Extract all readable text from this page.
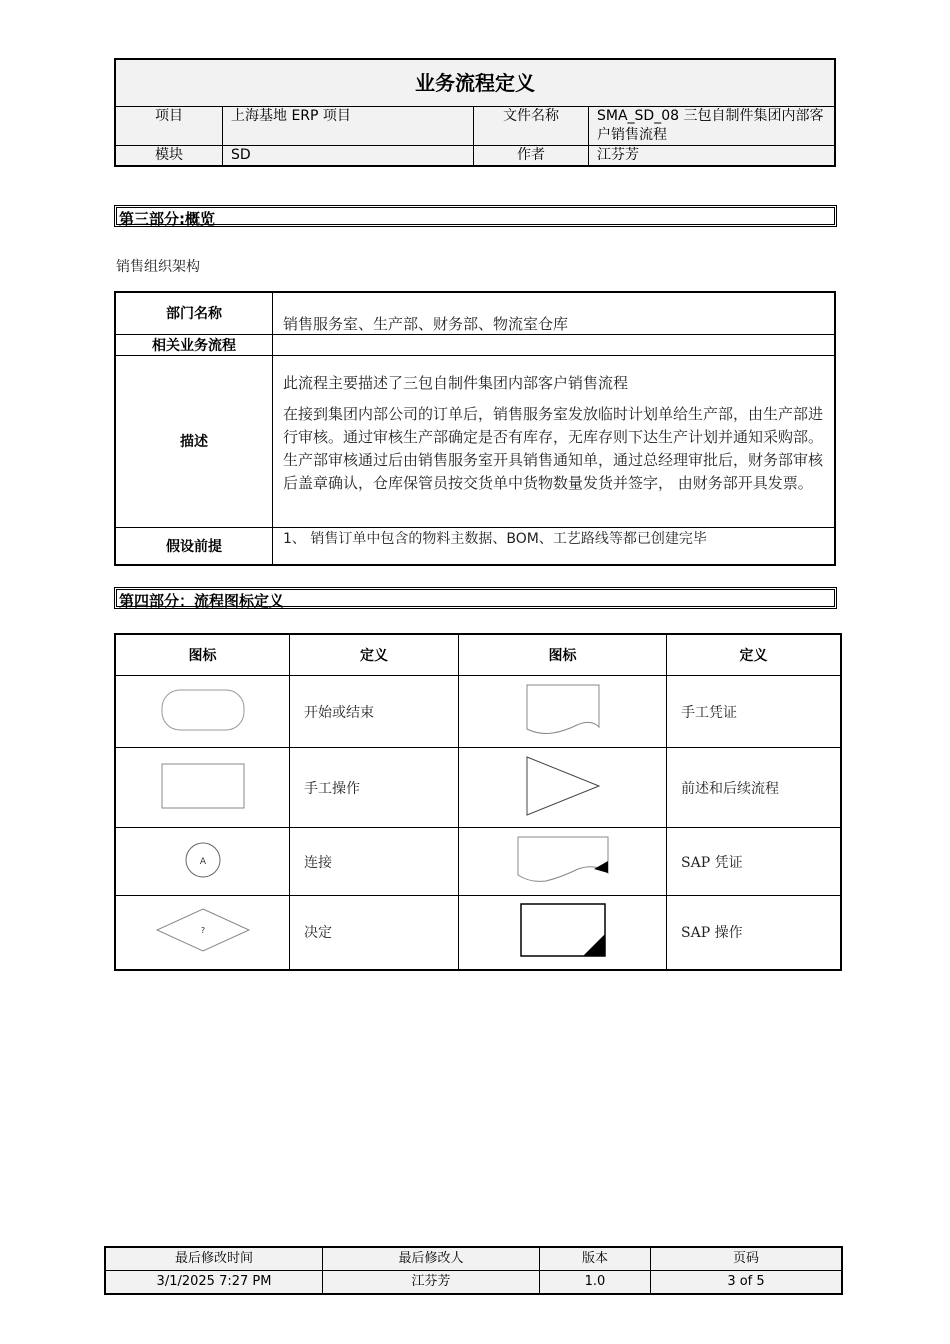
业务流程定义			
项目	上海基地 ERP 项目	文件名称	SMA_SD_08 三包自制件集团内部客户销售流程
模块	SD	作者	江芬芳
第三部分:概览
销售组织架构
部门名称	销售服务室、生产部、财务部、物流室仓库
相关业务流程	
描述	此流程主要描述了三包自制件集团内部客户销售流程

在接到集团内部公司的订单后，销售服务室发放临时计划单给生产部，由生产部进行审核。通过审核生产部确定是否有库存，无库存则下达生产计划并通知采购部。生产部审核通过后由销售服务室开具销售通知单，通过总经理审批后，财务部审核后盖章确认，仓库保管员按交货单中货物数量发货并签字， 由财务部开具发票。

假设前提	1、 销售订单中包含的物料主数据、BOM、工艺路线等都已创建完毕
第四部分：流程图标定义
图标	定义	图标	定义
	开始或结束		手工凭证
	手工操作		前述和后续流程

A	连接		SAP 凭证

?	决定		SAP 操作
最后修改时间	最后修改人	版本	页码
3/1/2025 7:27 PM	江芬芳	1.0	3 of 5
